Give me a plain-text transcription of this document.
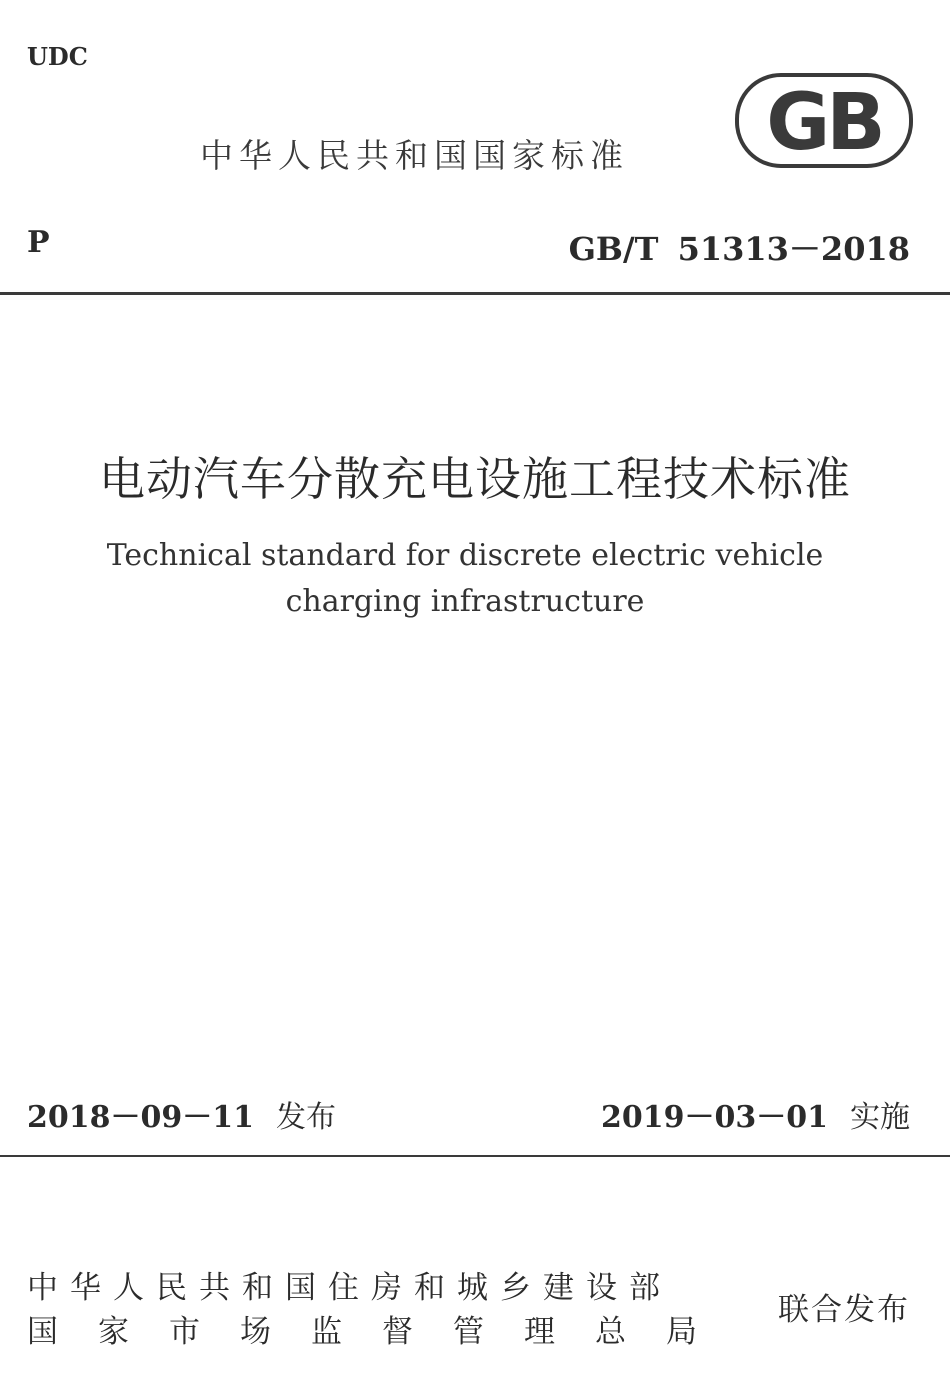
UDC
中华人民共和国国家标准 GB
P	GB/T 51313－2018
电动汽车分散充电设施工程技术标准
Technical standard for discrete electric vehicle
charging infrastructure
2018－09－11 发布	2019－03－01 实施
中华人民共和国住房和城乡建设部
国家市场监督管理总局
联合发布
